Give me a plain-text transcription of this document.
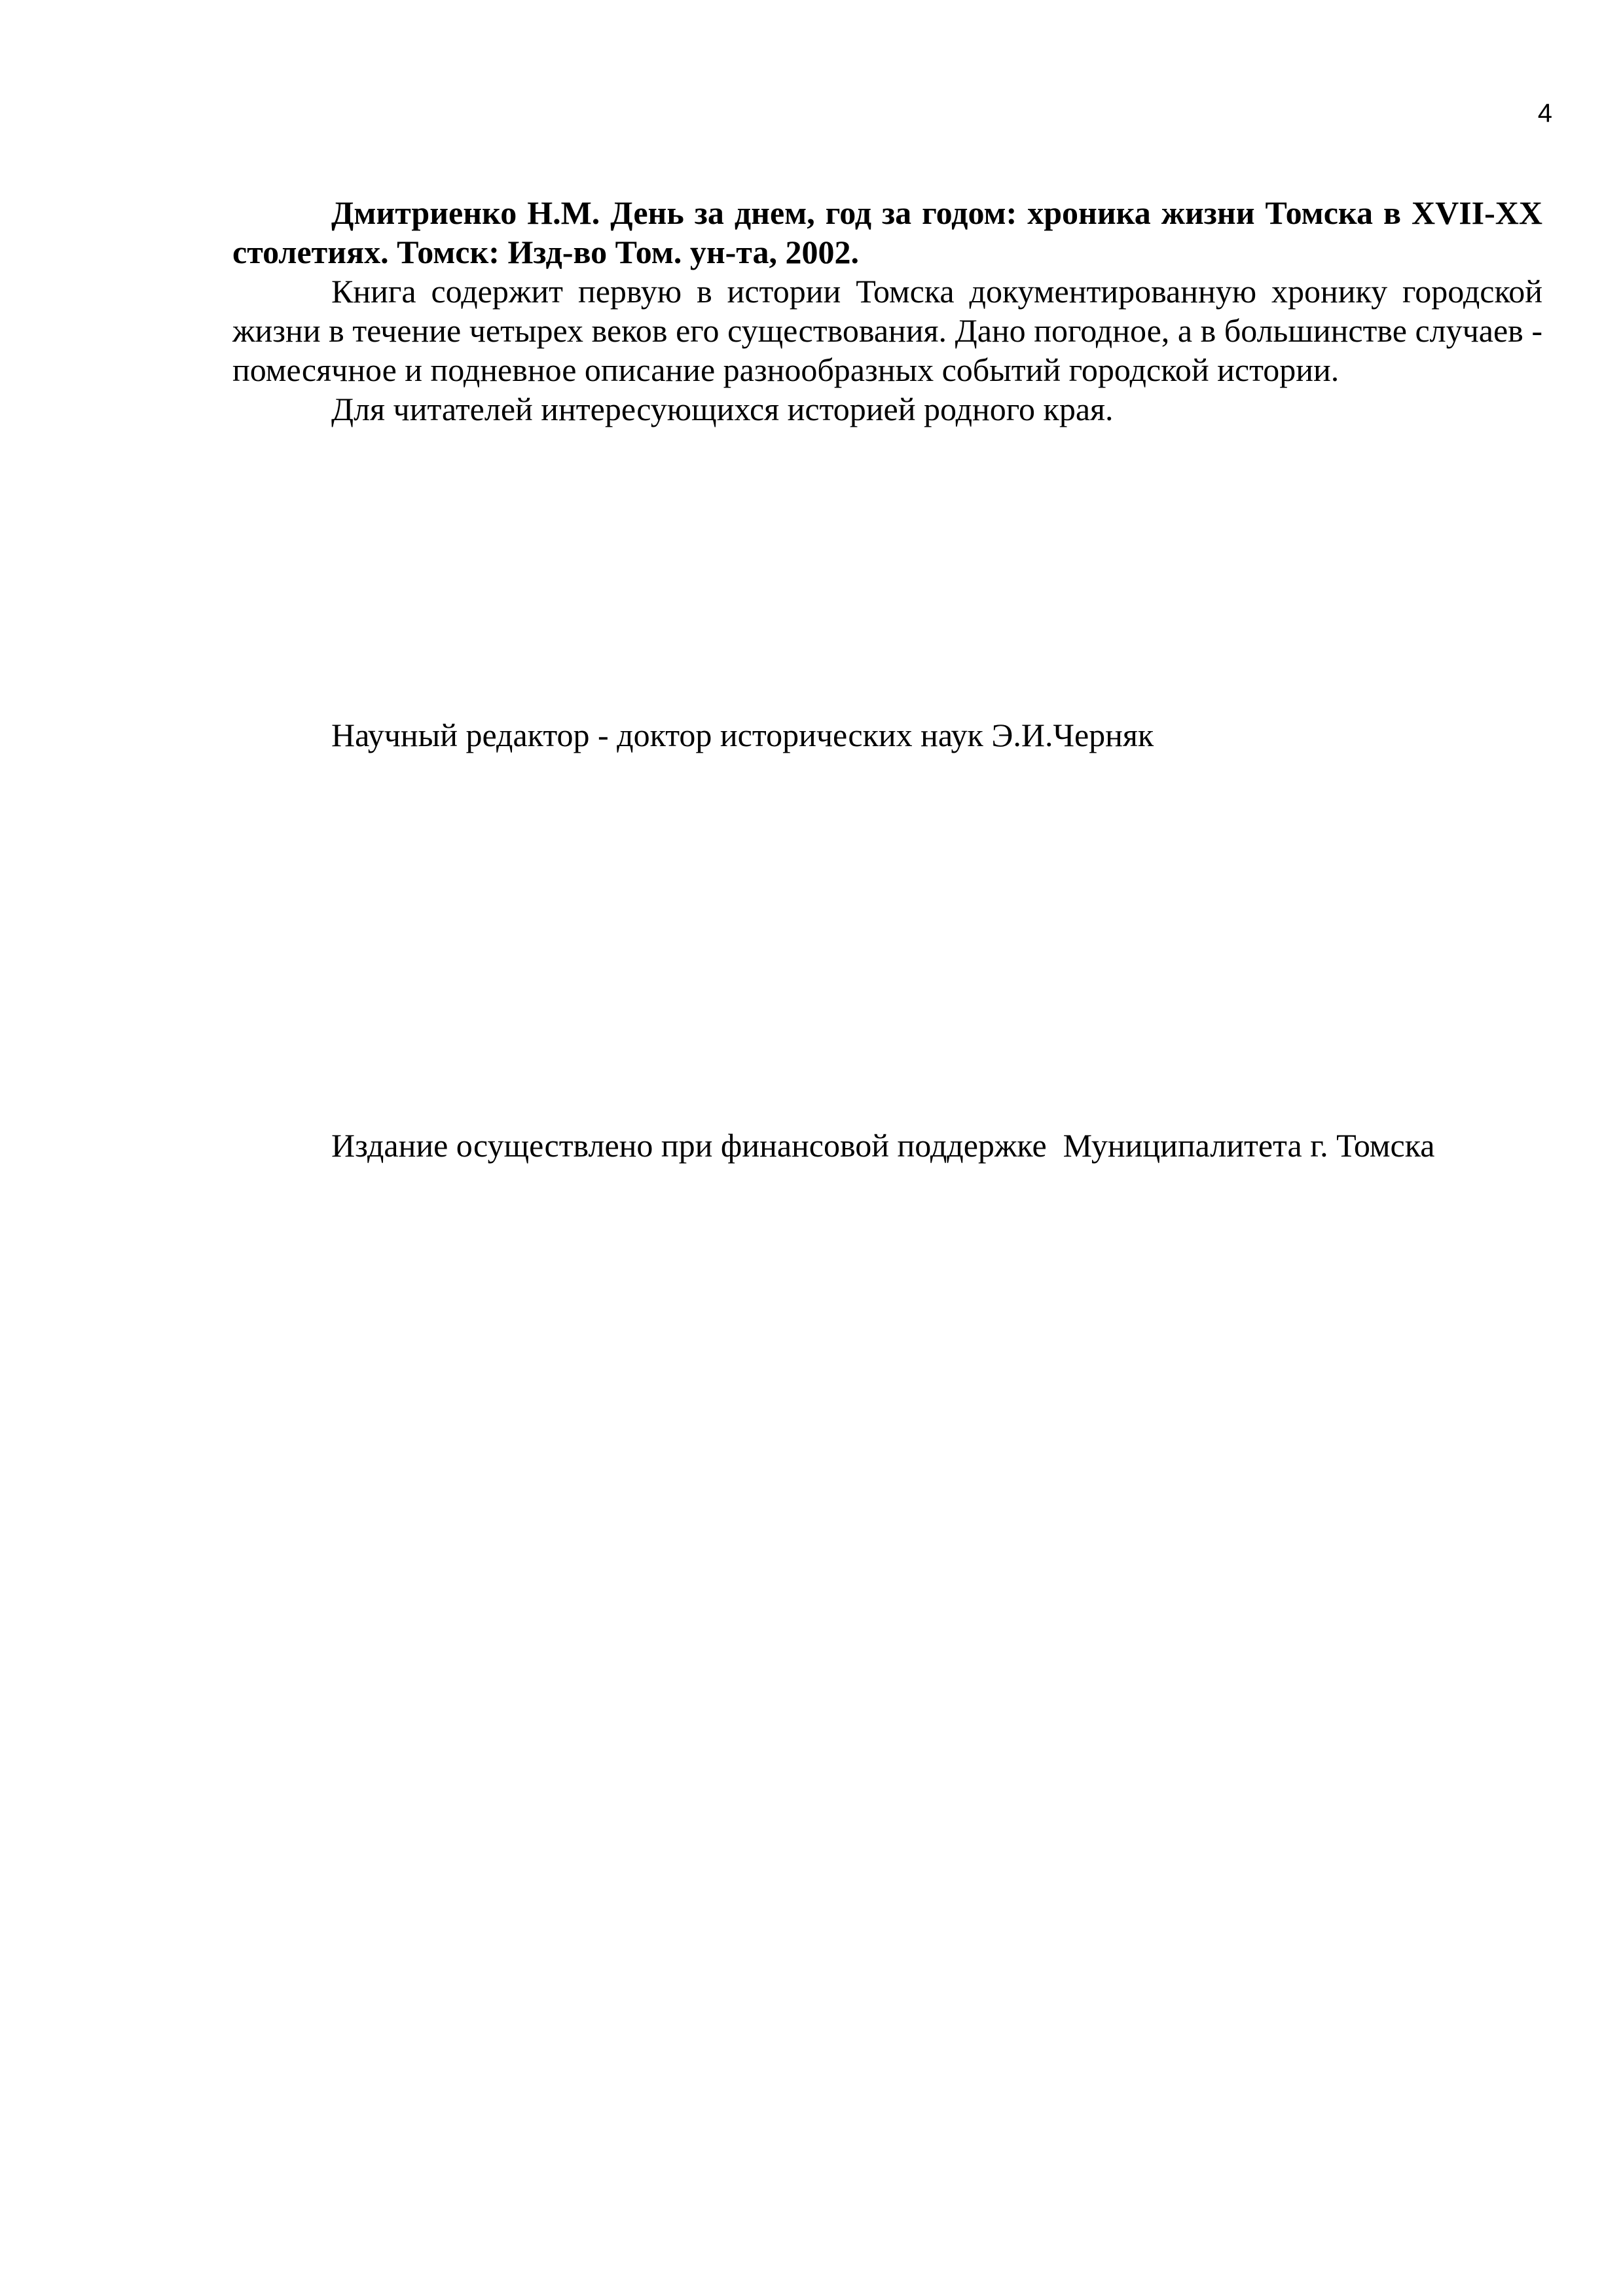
4

Дмитриенко Н.М. День за днем, год за годом: хроника жизни Томска в XVII-XX столетиях. Томск: Изд-во Том. ун-та, 2002.

Книга содержит первую в истории Томска документированную хронику городской жизни в течение четырех веков его существования. Дано погодное, а в большинстве случаев - помесячное и подневное описание разнообразных событий городской истории.

Для читателей интересующихся историей родного края.

Научный редактор - доктор исторических наук Э.И.Черняк
Издание осуществлено при финансовой поддержке  Муниципалитета г. Томска
